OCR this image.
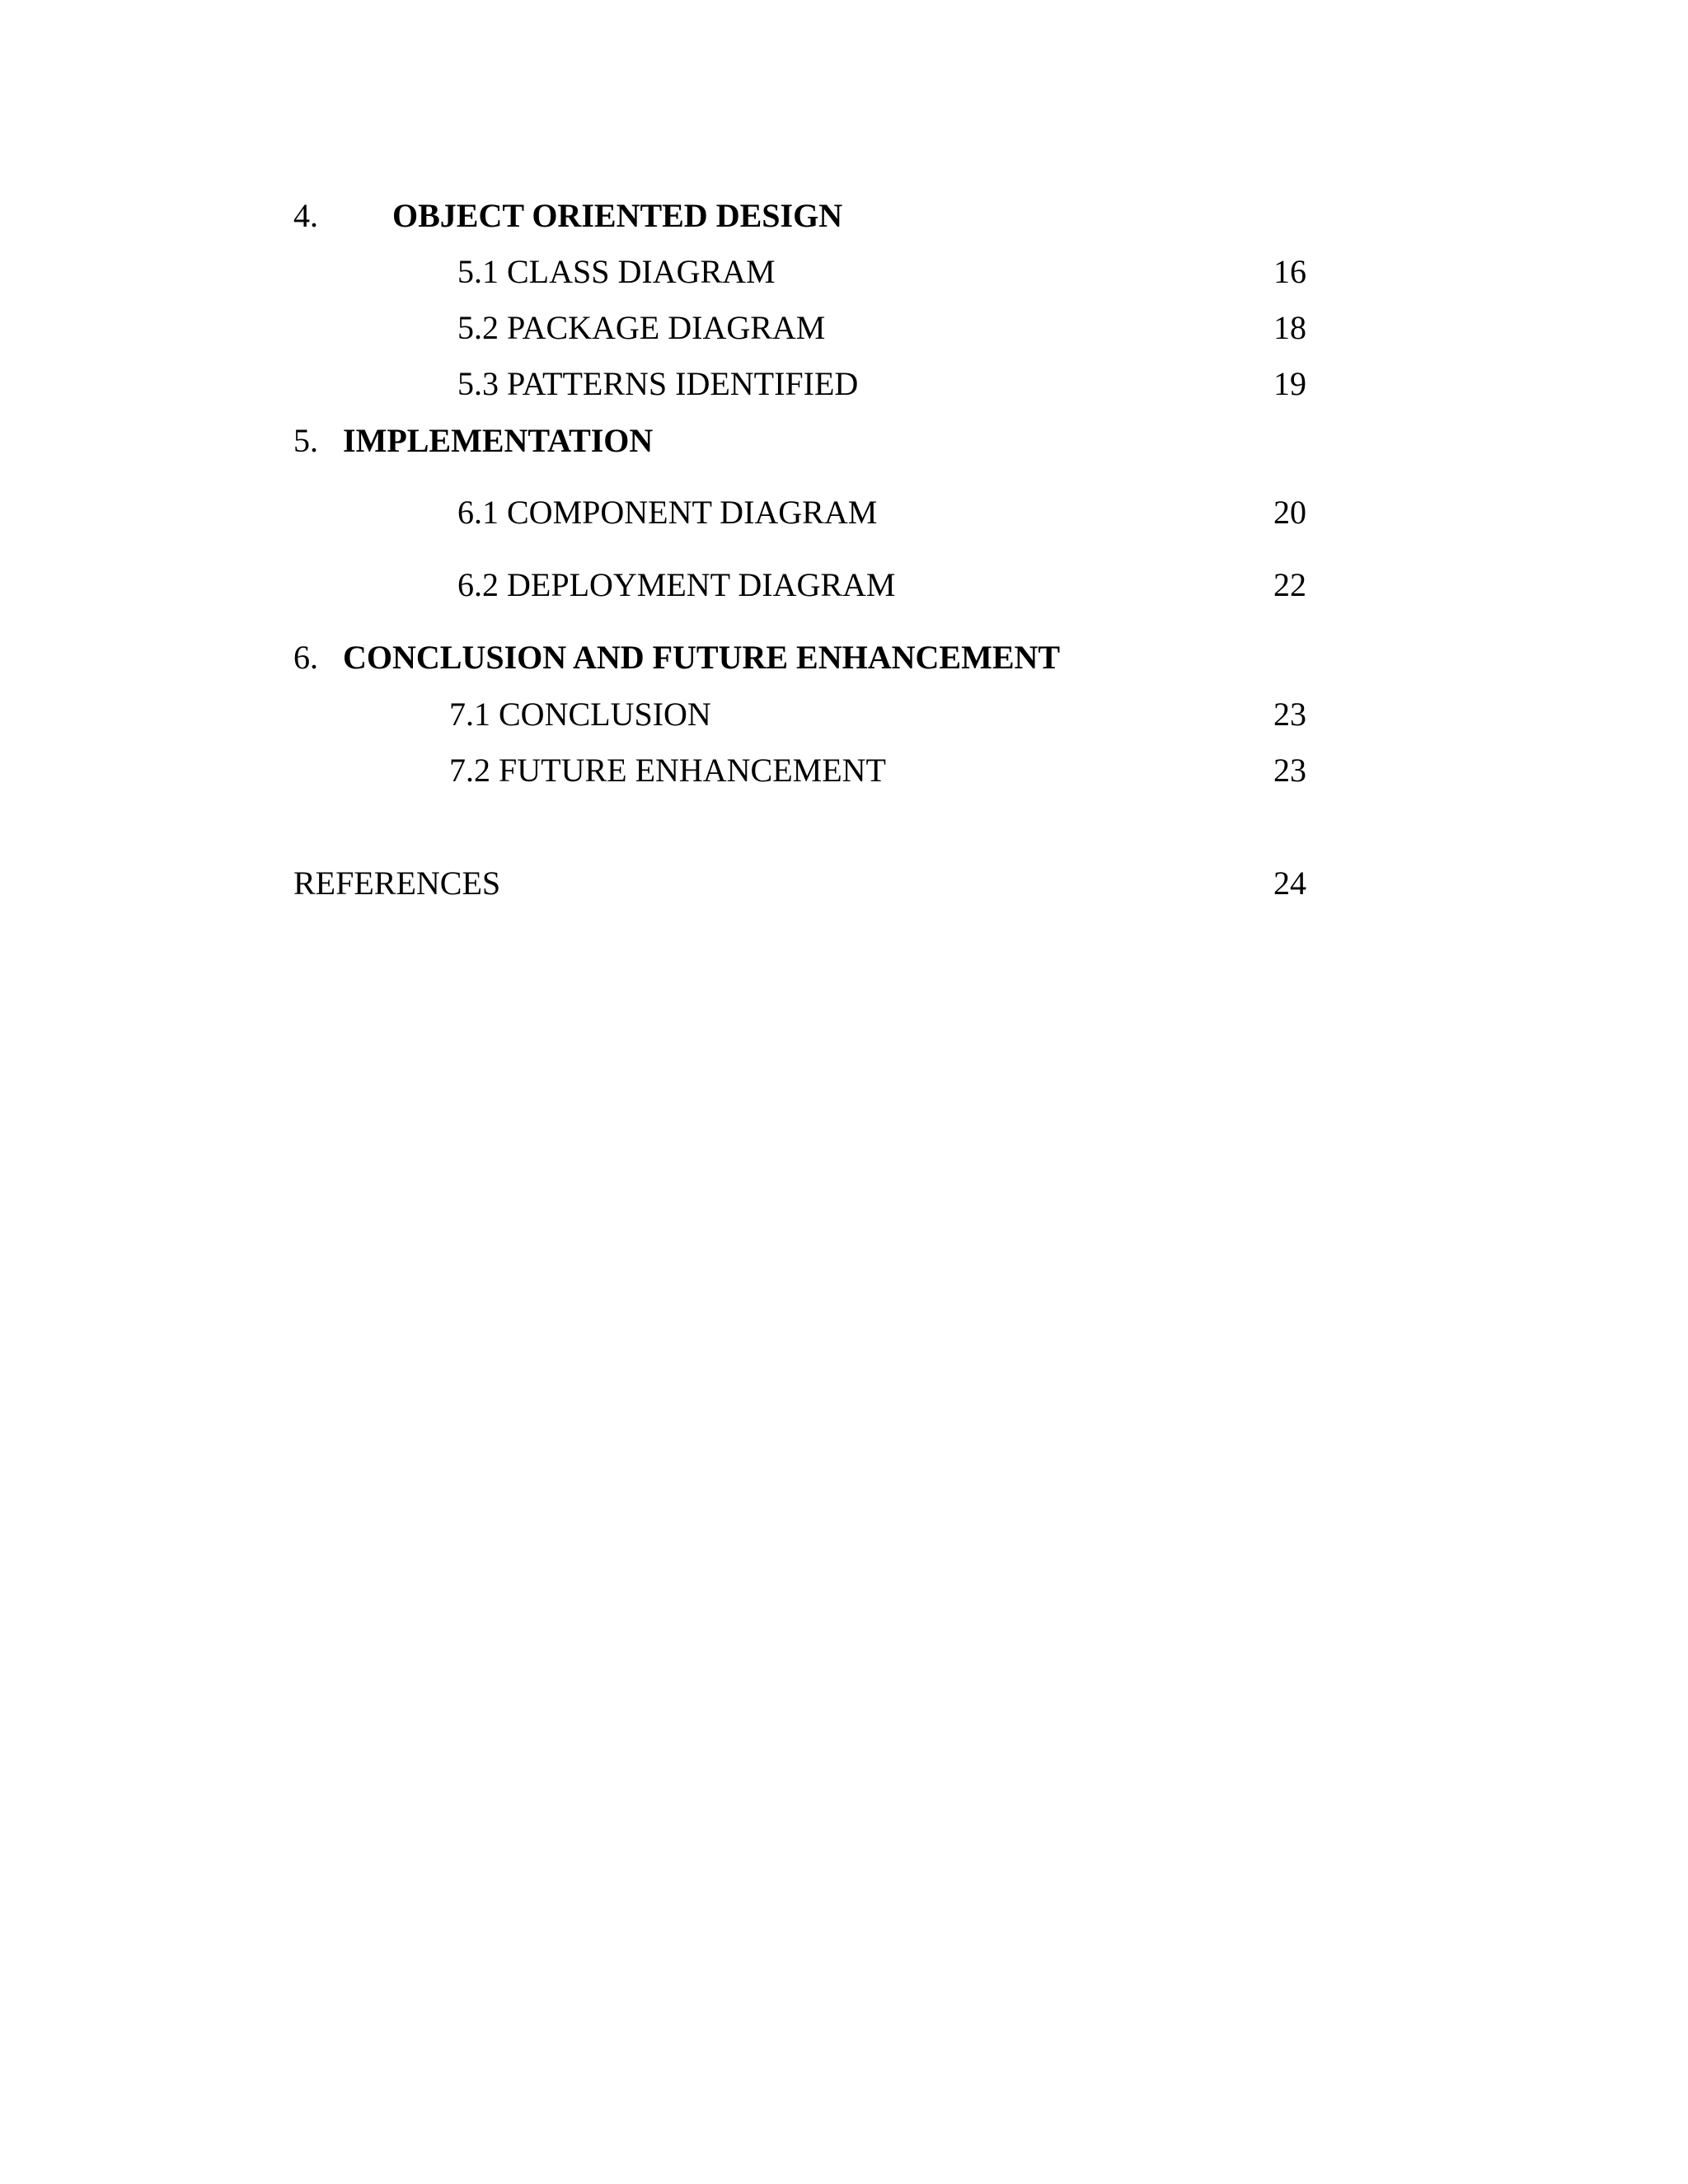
4. OBJECT ORIENTED DESIGN
5.1 CLASS DIAGRAM	16
5.2 PACKAGE DIAGRAM	18
5.3 PATTERNS IDENTIFIED	19
5. IMPLEMENTATION
6.1 COMPONENT DIAGRAM	20
6.2 DEPLOYMENT DIAGRAM	22
6. CONCLUSION AND FUTURE ENHANCEMENT
7.1 CONCLUSION	23
7.2 FUTURE ENHANCEMENT	23
REFERENCES	24
